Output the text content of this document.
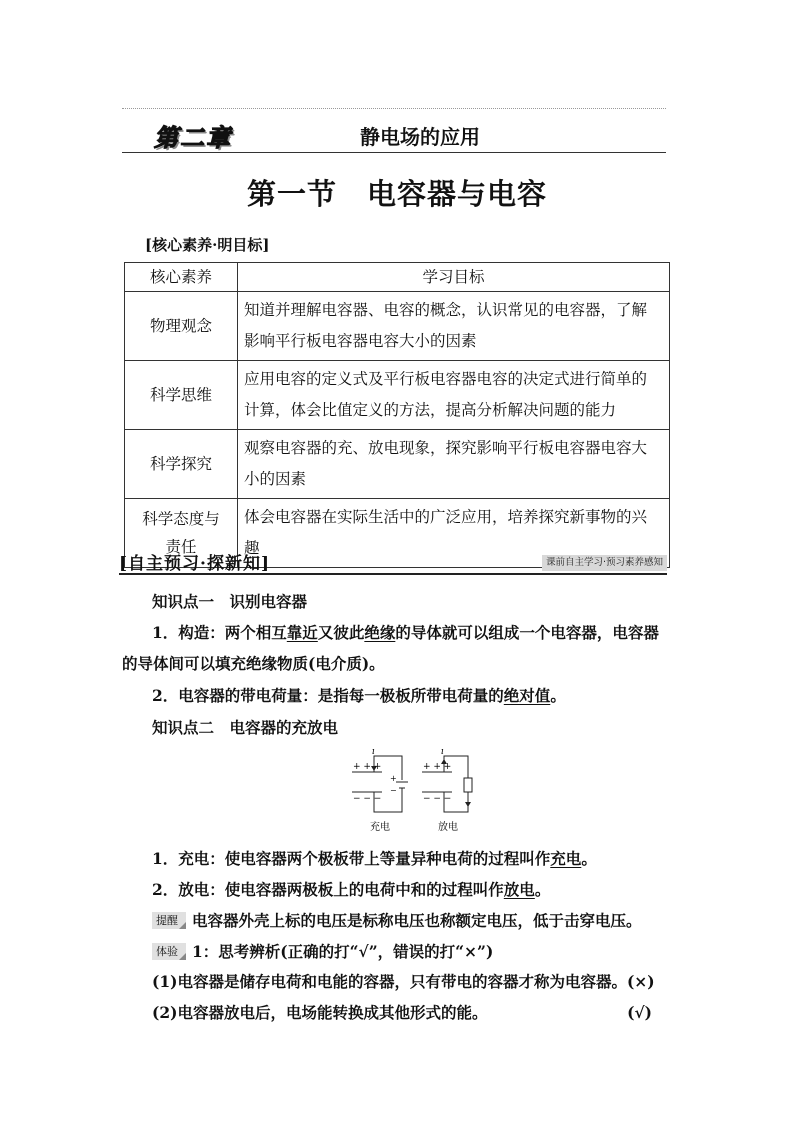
第二章	静电场的应用
第一节　电容器与电容
[核心素养·明目标]
核心素养	学习目标
物理观念	知道并理解电容器、电容的概念，认识常见的电容器，了解
影响平行板电容器电容大小的因素
科学思维	应用电容的定义式及平行板电容器电容的决定式进行简单的
计算，体会比值定义的方法，提高分析解决问题的能力
科学探究	观察电容器的充、放电现象，探究影响平行板电容器电容大
小的因素
科学态度与
责任	体会电容器在实际生活中的广泛应用，培养探究新事物的兴
趣
[自主预习·探新知]	课前自主学习·预习素养感知
知识点一　识别电容器
1．构造：两个相互靠近又彼此绝缘的导体就可以组成一个电容器，电容器
的导体间可以填充绝缘物质(电介质)。
2．电容器的带电荷量：是指每一极板所带电荷量的绝对值。
知识点二　电容器的充放电
i
+ + +
− − −
+
−
充电
i
+ + +
− − −
放电
1．充电：使电容器两个极板带上等量异种电荷的过程叫作充电。
2．放电：使电容器两极板上的电荷中和的过程叫作放电。
提醒 电容器外壳上标的电压是标称电压也称额定电压，低于击穿电压。
体验 1：思考辨析(正确的打“√”，错误的打“×”)
(1)电容器是储存电荷和电能的容器，只有带电的容器才称为电容器。(×)
(2)电容器放电后，电场能转换成其他形式的能。	(√)
